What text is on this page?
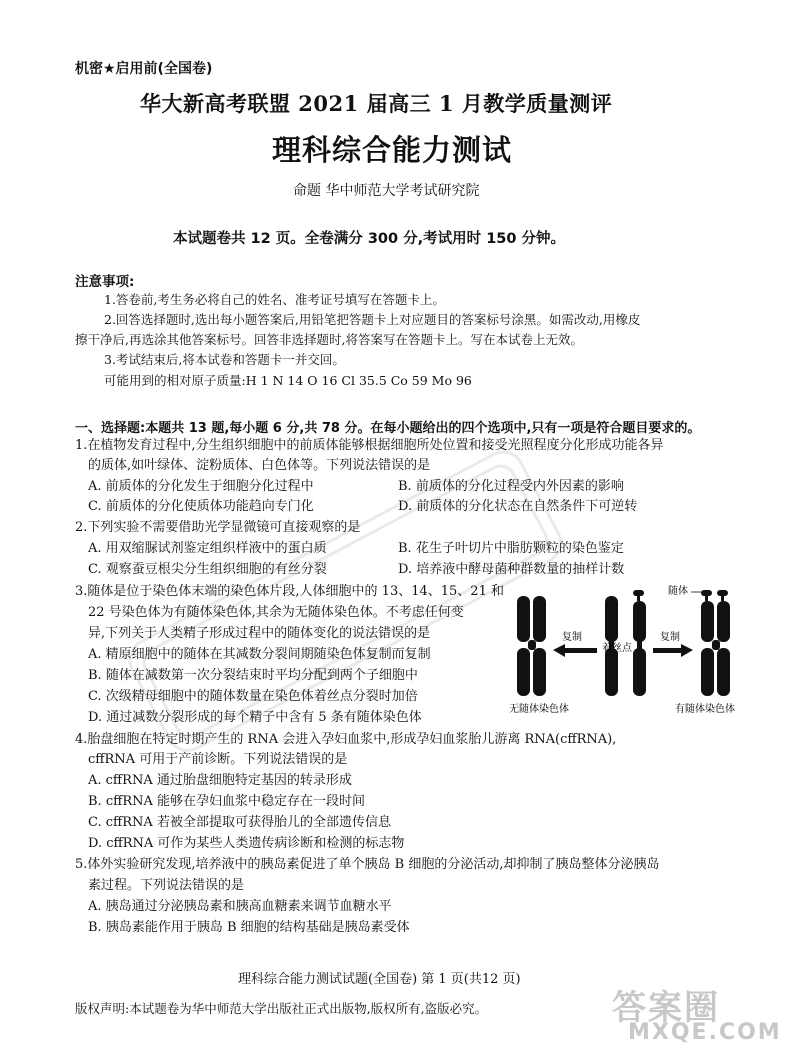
机密★启用前(全国卷)
华大新高考联盟 2021 届高三 1 月教学质量测评
理科综合能力测试
命题 华中师范大学考试研究院
本试题卷共 12 页。全卷满分 300 分,考试用时 150 分钟。
注意事项:
1.答卷前,考生务必将自己的姓名、准考证号填写在答题卡上。
2.回答选择题时,选出每小题答案后,用铅笔把答题卡上对应题目的答案标号涂黑。如需改动,用橡皮
擦干净后,再选涂其他答案标号。回答非选择题时,将答案写在答题卡上。写在本试卷上无效。
3.考试结束后,将本试卷和答题卡一并交回。
可能用到的相对原子质量:H 1 N 14 O 16 Cl 35.5 Co 59 Mo 96
一、选择题:本题共 13 题,每小题 6 分,共 78 分。在每小题给出的四个选项中,只有一项是符合题目要求的。
1.在植物发育过程中,分生组织细胞中的前质体能够根据细胞所处位置和接受光照程度分化形成功能各异
的质体,如叶绿体、淀粉质体、白色体等。下列说法错误的是
A. 前质体的分化发生于细胞分化过程中	B. 前质体的分化过程受内外因素的影响
C. 前质体的分化使质体功能趋向专门化	D. 前质体的分化状态在自然条件下可逆转
2.下列实验不需要借助光学显微镜可直接观察的是
A. 用双缩脲试剂鉴定组织样液中的蛋白质	B. 花生子叶切片中脂肪颗粒的染色鉴定
C. 观察蚕豆根尖分生组织细胞的有丝分裂	D. 培养液中酵母菌种群数量的抽样计数
3.随体是位于染色体末端的染色体片段,人体细胞中的 13、14、15、21 和
22 号染色体为有随体染色体,其余为无随体染色体。不考虑任何变
异,下列关于人类精子形成过程中的随体变化的说法错误的是
A. 精原细胞中的随体在其减数分裂间期随染色体复制而复制
B. 随体在减数第一次分裂结束时平均分配到两个子细胞中
C. 次级精母细胞中的随体数量在染色体着丝点分裂时加倍
D. 通过减数分裂形成的每个精子中含有 5 条有随体染色体
复制
着丝点
复制
随体
无随体染色体	有随体染色体
4.胎盘细胞在特定时期产生的 RNA 会进入孕妇血浆中,形成孕妇血浆胎儿游离 RNA(cffRNA),
cffRNA 可用于产前诊断。下列说法错误的是
A. cffRNA 通过胎盘细胞特定基因的转录形成
B. cffRNA 能够在孕妇血浆中稳定存在一段时间
C. cffRNA 若被全部提取可获得胎儿的全部遗传信息
D. cffRNA 可作为某些人类遗传病诊断和检测的标志物
5.体外实验研究发现,培养液中的胰岛素促进了单个胰岛 B 细胞的分泌活动,却抑制了胰岛整体分泌胰岛
素过程。下列说法错误的是
A. 胰岛通过分泌胰岛素和胰高血糖素来调节血糖水平
B. 胰岛素能作用于胰岛 B 细胞的结构基础是胰岛素受体
理科综合能力测试试题(全国卷) 第 1 页(共12 页)
版权声明:本试题卷为华中师范大学出版社正式出版物,版权所有,盗版必究。	答案圈
MXQE.COM
